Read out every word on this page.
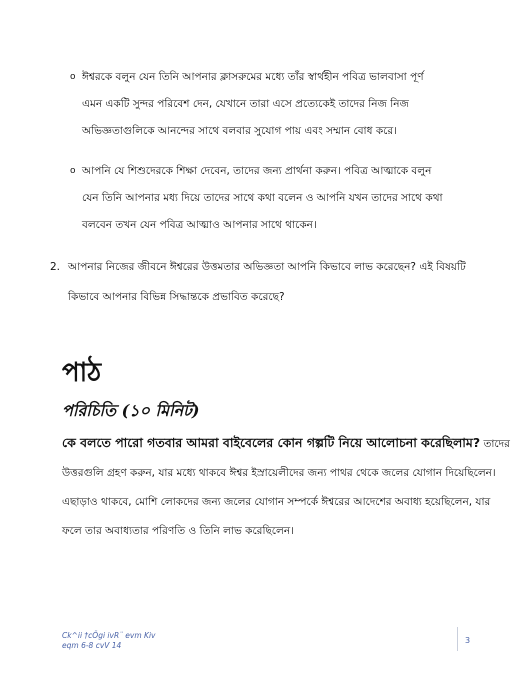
o ঈশ্বরকে বলুন যেন তিনি আপনার ক্লাসরুমের মধ্যে তাঁর স্বার্থহীন পবিত্র ভালবাসা পূর্ণ
এমন একটি সুন্দর পরিবেশ দেন, যেখানে তারা এসে প্রত্যেকেই তাদের নিজ নিজ
অভিজ্ঞতাগুলিকে আনন্দের সাথে বলবার সুযোগ পায় এবং সম্মান বোধ করে।
o আপনি যে শিশুদেরকে শিক্ষা দেবেন, তাদের জন্য প্রার্থনা করুন। পবিত্র আত্মাকে বলুন
যেন তিনি আপনার মধ্য দিয়ে তাদের সাথে কথা বলেন ও আপনি যখন তাদের সাথে কথা
বলবেন তখন যেন পবিত্র আত্মাও আপনার সাথে থাকেন।
2. আপনার নিজের জীবনে ঈশ্বরের উত্তমতার অভিজ্ঞতা আপনি কিভাবে লাভ করেছেন? এই বিষয়টি
কিভাবে আপনার বিভিন্ন সিদ্ধান্তকে প্রভাবিত করেছে?
পাঠ
পরিচিতি (১০ মিনিট)
কে বলতে পারো গতবার আমরা বাইবেলের কোন গল্পটি নিয়ে আলোচনা করেছিলাম? তাদের
উত্তরগুলি গ্রহণ করুন, যার মধ্যে থাকবে ঈশ্বর ইস্রায়েলীদের জন্য পাথর থেকে জলের যোগান দিয়েছিলেন।
এছাড়াও থাকবে, মোশি লোকদের জন্য জলের যোগান সম্পর্কে ঈশ্বরের আদেশের অবাধ্য হয়েছিলেন, যার
ফলে তার অবাধ্যতার পরিণতি ও তিনি লাভ করেছিলেন।
Ck^ii †cÖgi ivR¨ evm Kiv
eqm 6-8 cvV 14
3
